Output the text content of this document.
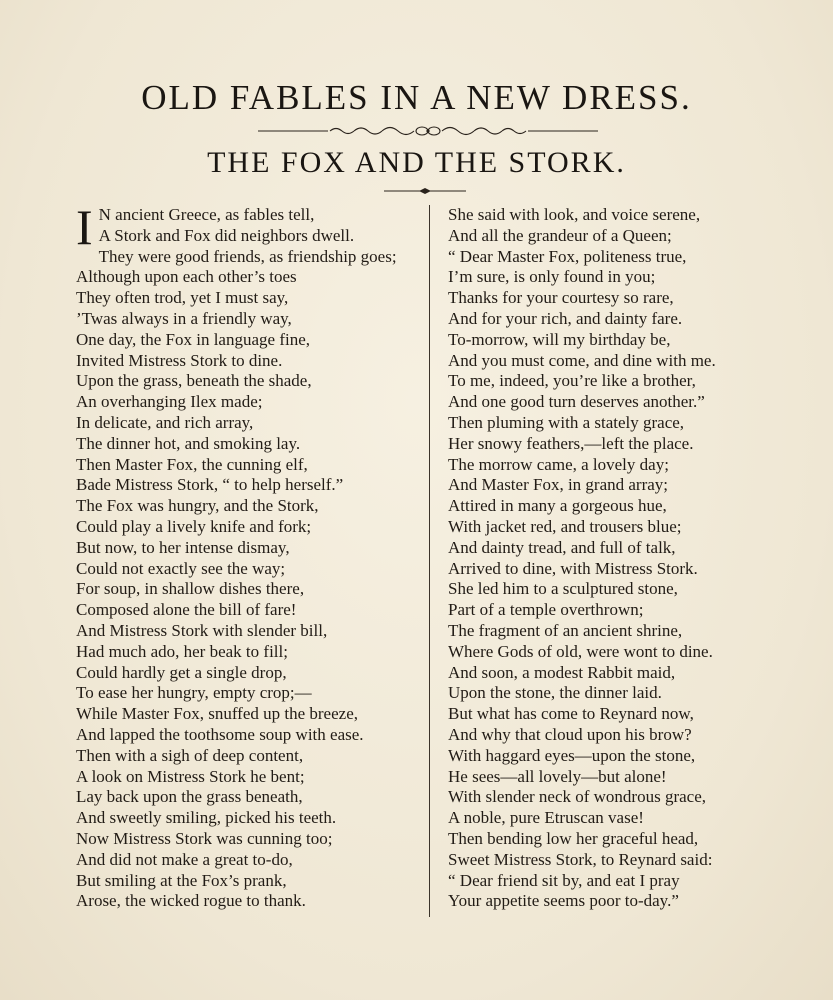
OLD FABLES IN A NEW DRESS.
THE FOX AND THE STORK.
I N ancient Greece, as fables tell,
A Stork and Fox did neighbors dwell.
They were good friends, as friendship goes;
Although upon each other’s toes
They often trod, yet I must say,
’Twas always in a friendly way,
One day, the Fox in language fine,
Invited Mistress Stork to dine.
Upon the grass, beneath the shade,
An overhanging Ilex made;
In delicate, and rich array,
The dinner hot, and smoking lay.
Then Master Fox, the cunning elf,
Bade Mistress Stork, “ to help herself.”
The Fox was hungry, and the Stork,
Could play a lively knife and fork;
But now, to her intense dismay,
Could not exactly see the way;
For soup, in shallow dishes there,
Composed alone the bill of fare!
And Mistress Stork with slender bill,
Had much ado, her beak to fill;
Could hardly get a single drop,
To ease her hungry, empty crop;—
While Master Fox, snuffed up the breeze,
And lapped the toothsome soup with ease.
Then with a sigh of deep content,
A look on Mistress Stork he bent;
Lay back upon the grass beneath,
And sweetly smiling, picked his teeth.
Now Mistress Stork was cunning too;
And did not make a great to-do,
But smiling at the Fox’s prank,
Arose, the wicked rogue to thank.
She said with look, and voice serene,
And all the grandeur of a Queen;
“ Dear Master Fox, politeness true,
I’m sure, is only found in you;
Thanks for your courtesy so rare,
And for your rich, and dainty fare.
To-morrow, will my birthday be,
And you must come, and dine with me.
To me, indeed, you’re like a brother,
And one good turn deserves another.”
Then pluming with a stately grace,
Her snowy feathers,—left the place.
The morrow came, a lovely day;
And Master Fox, in grand array;
Attired in many a gorgeous hue,
With jacket red, and trousers blue;
And dainty tread, and full of talk,
Arrived to dine, with Mistress Stork.
She led him to a sculptured stone,
Part of a temple overthrown;
The fragment of an ancient shrine,
Where Gods of old, were wont to dine.
And soon, a modest Rabbit maid,
Upon the stone, the dinner laid.
But what has come to Reynard now,
And why that cloud upon his brow?
With haggard eyes—upon the stone,
He sees—all lovely—but alone!
With slender neck of wondrous grace,
A noble, pure Etruscan vase!
Then bending low her graceful head,
Sweet Mistress Stork, to Reynard said:
“ Dear friend sit by, and eat I pray
Your appetite seems poor to-day.”
